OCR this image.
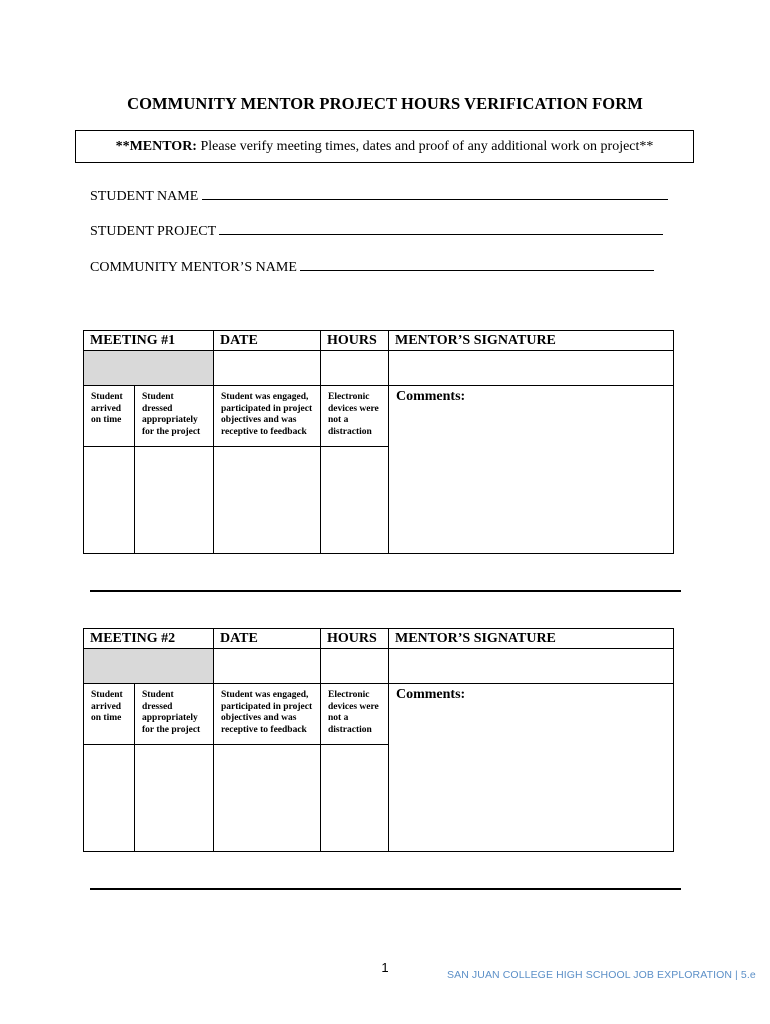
COMMUNITY MENTOR PROJECT HOURS VERIFICATION FORM
**MENTOR: Please verify meeting times, dates and proof of any additional work on project**
STUDENT NAME
STUDENT PROJECT
COMMUNITY MENTOR’S NAME
MEETING #1		DATE	HOURS	MENTOR’S SIGNATURE

Student arrived on time	Student dressed appropriately for the project	Student was engaged, participated in project objectives and was receptive to feedback	Electronic devices were not a distraction	Comments:

MEETING #2		DATE	HOURS	MENTOR’S SIGNATURE

Student arrived on time	Student dressed appropriately for the project	Student was engaged, participated in project objectives and was receptive to feedback	Electronic devices were not a distraction	Comments:

1	SAN JUAN COLLEGE HIGH SCHOOL JOB EXPLORATION | 5.e
